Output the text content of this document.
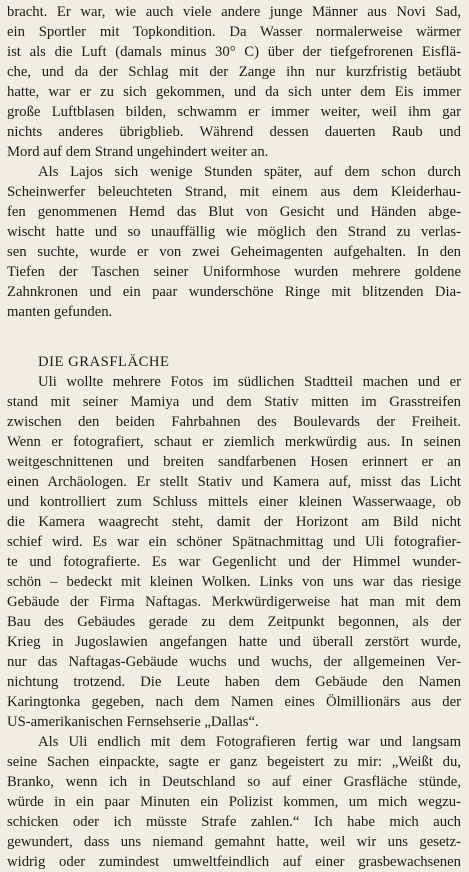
bracht. Er war, wie auch viele andere junge Männer aus Novi Sad,
ein Sportler mit Topkondition. Da Wasser normalerweise wärmer
ist als die Luft (damals minus 30° C) über der tiefgefrorenen Eisflä-
che, und da der Schlag mit der Zange ihn nur kurzfristig betäubt
hatte, war er zu sich gekommen, und da sich unter dem Eis immer
große Luftblasen bilden, schwamm er immer weiter, weil ihm gar
nichts anderes übrigblieb. Während dessen dauerten Raub und
Mord auf dem Strand ungehindert weiter an.
Als Lajos sich wenige Stunden später, auf dem schon durch
Scheinwerfer beleuchteten Strand, mit einem aus dem Kleiderhau-
fen genommenen Hemd das Blut von Gesicht und Händen abge-
wischt hatte und so unauffällig wie möglich den Strand zu verlas-
sen suchte, wurde er von zwei Geheimagenten aufgehalten. In den
Tiefen der Taschen seiner Uniformhose wurden mehrere goldene
Zahnkronen und ein paar wunderschöne Ringe mit blitzenden Dia-
manten gefunden.
DIE GRASFLÄCHE
Uli wollte mehrere Fotos im südlichen Stadtteil machen und er
stand mit seiner Mamiya und dem Stativ mitten im Grasstreifen
zwischen den beiden Fahrbahnen des Boulevards der Freiheit.
Wenn er fotografiert, schaut er ziemlich merkwürdig aus. In seinen
weitgeschnittenen und breiten sandfarbenen Hosen erinnert er an
einen Archäologen. Er stellt Stativ und Kamera auf, misst das Licht
und kontrolliert zum Schluss mittels einer kleinen Wasserwaage, ob
die Kamera waagrecht steht, damit der Horizont am Bild nicht
schief wird. Es war ein schöner Spätnachmittag und Uli fotografier-
te und fotografierte. Es war Gegenlicht und der Himmel wunder-
schön – bedeckt mit kleinen Wolken. Links von uns war das riesige
Gebäude der Firma Naftagas. Merkwürdigerweise hat man mit dem
Bau des Gebäudes gerade zu dem Zeitpunkt begonnen, als der
Krieg in Jugoslawien angefangen hatte und überall zerstört wurde,
nur das Naftagas-Gebäude wuchs und wuchs, der allgemeinen Ver-
nichtung trotzend. Die Leute haben dem Gebäude den Namen
Karingtonka gegeben, nach dem Namen eines Ölmillionärs aus der
US-amerikanischen Fernsehserie „Dallas“.
Als Uli endlich mit dem Fotografieren fertig war und langsam
seine Sachen einpackte, sagte er ganz begeistert zu mir: „Weißt du,
Branko, wenn ich in Deutschland so auf einer Grasfläche stünde,
würde in ein paar Minuten ein Polizist kommen, um mich wegzu-
schicken oder ich müsste Strafe zahlen.“ Ich habe mich auch
gewundert, dass uns niemand gemahnt hatte, weil wir uns gesetz-
widrig oder zumindest umweltfeindlich auf einer grasbewachsenen
